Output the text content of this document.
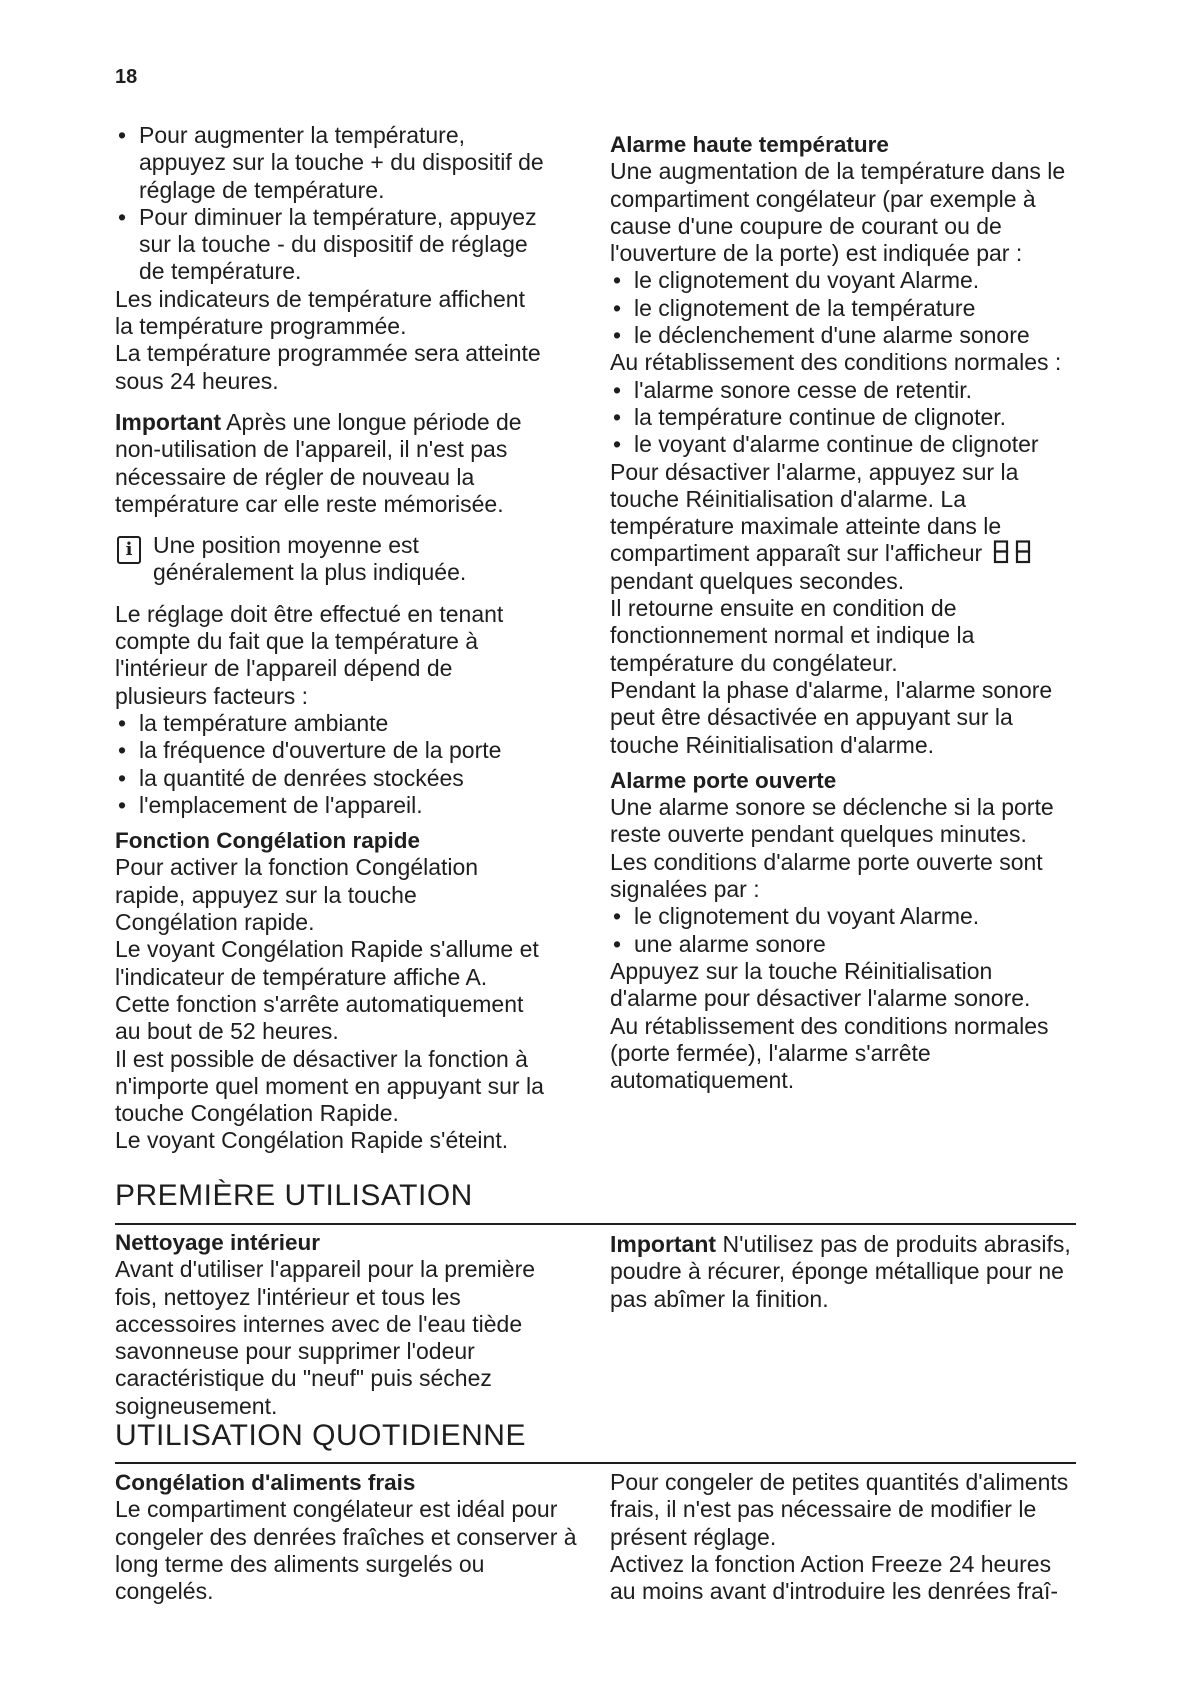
18
• Pour augmenter la température, appuyez sur la touche + du dispositif de réglage de température.
• Pour diminuer la température, appuyez sur la touche - du dispositif de réglage de température.

Les indicateurs de température affichent la température programmée.

La température programmée sera atteinte sous 24 heures.

Important Après une longue période de non-utilisation de l'appareil, il n'est pas nécessaire de régler de nouveau la température car elle reste mémorisée.

i Une position moyenne est généralement la plus indiquée.

Le réglage doit être effectué en tenant compte du fait que la température à l'intérieur de l'appareil dépend de plusieurs facteurs :

• la température ambiante
• la fréquence d'ouverture de la porte
• la quantité de denrées stockées
• l'emplacement de l'appareil.

Fonction Congélation rapide

Pour activer la fonction Congélation rapide, appuyez sur la touche Congélation rapide.

Le voyant Congélation Rapide s'allume et l'indicateur de température affiche A.

Cette fonction s'arrête automatiquement au bout de 52 heures.

Il est possible de désactiver la fonction à n'importe quel moment en appuyant sur la touche Congélation Rapide.

Le voyant Congélation Rapide s'éteint.

Alarme haute température

Une augmentation de la température dans le compartiment congélateur (par exemple à cause d'une coupure de courant ou de l'ouverture de la porte) est indiquée par :

• le clignotement du voyant Alarme.
• le clignotement de la température
• le déclenchement d'une alarme sonore

Au rétablissement des conditions normales :

• l'alarme sonore cesse de retentir.
• la température continue de clignoter.
• le voyant d'alarme continue de clignoter

Pour désactiver l'alarme, appuyez sur la touche Réinitialisation d'alarme. La température maximale atteinte dans le compartiment apparaît sur l'afficheur	88
pendant quelques secondes.

Il retourne ensuite en condition de fonctionnement normal et indique la température du congélateur.

Pendant la phase d'alarme, l'alarme sonore peut être désactivée en appuyant sur la touche Réinitialisation d'alarme.

Alarme porte ouverte

Une alarme sonore se déclenche si la porte reste ouverte pendant quelques minutes.

Les conditions d'alarme porte ouverte sont signalées par :

• le clignotement du voyant Alarme.
• une alarme sonore

Appuyez sur la touche Réinitialisation d'alarme pour désactiver l'alarme sonore.

Au rétablissement des conditions normales (porte fermée), l'alarme s'arrête automatiquement.

PREMIÈRE UTILISATION

Nettoyage intérieur

Avant d'utiliser l'appareil pour la première fois, nettoyez l'intérieur et tous les accessoires internes avec de l'eau tiède savonneuse pour supprimer l'odeur caractéristique du "neuf" puis séchez soigneusement.

Important N'utilisez pas de produits abrasifs, poudre à récurer, éponge métallique pour ne pas abîmer la finition.

UTILISATION QUOTIDIENNE

Congélation d'aliments frais

Le compartiment congélateur est idéal pour congeler des denrées fraîches et conserver à long terme des aliments surgelés ou congelés.

Pour congeler de petites quantités d'aliments frais, il n'est pas nécessaire de modifier le présent réglage.

Activez la fonction Action Freeze 24 heures au moins avant d'introduire les denrées fraî-
